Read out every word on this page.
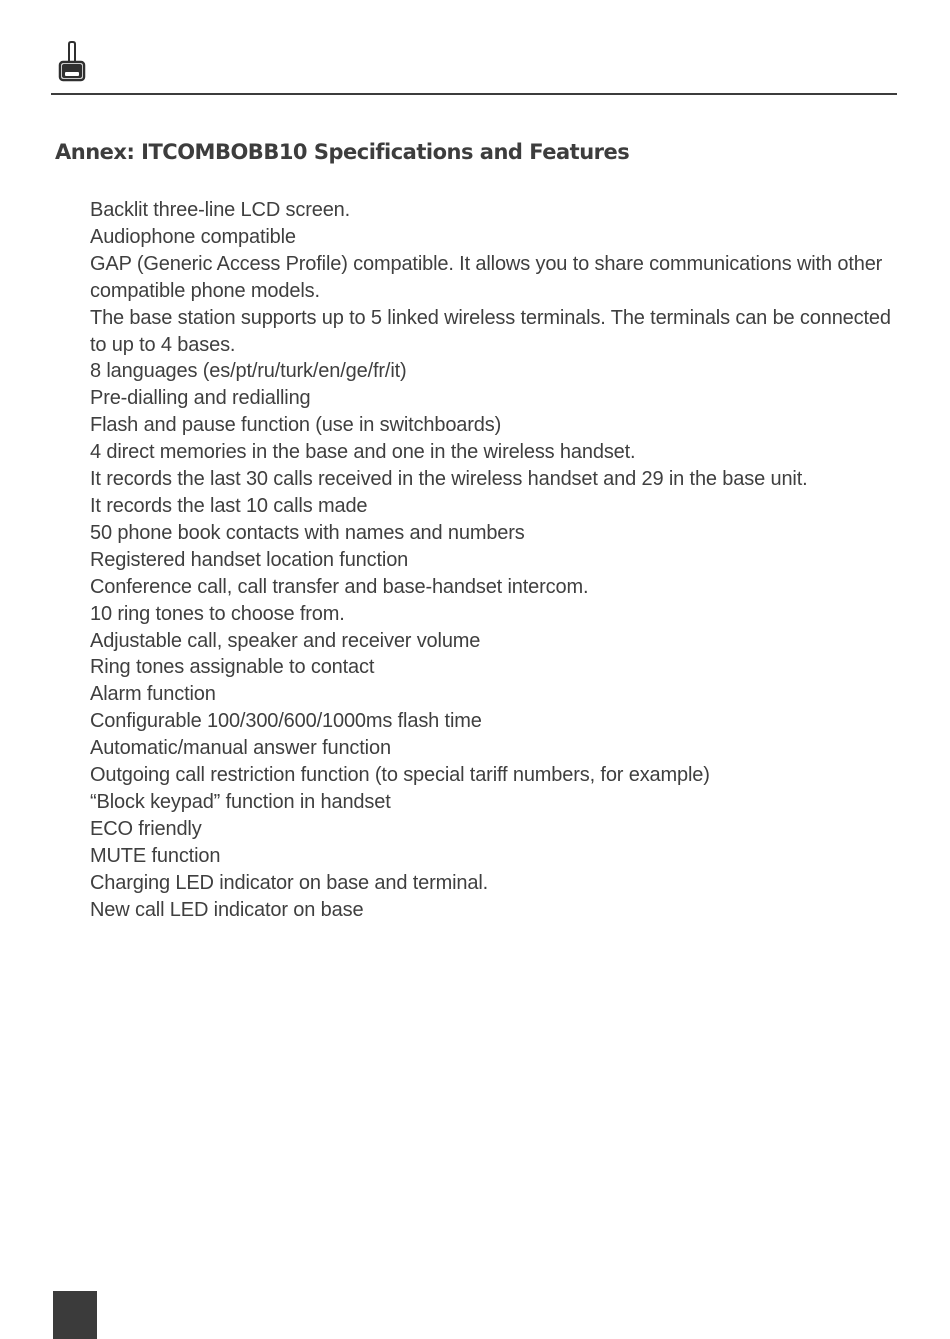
Annex: ITCOMBOBB10 Specifications and Features
Backlit three-line LCD screen.
Audiophone compatible
GAP (Generic Access Profile) compatible. It allows you to share communications with other compatible phone models.
The base station supports up to 5 linked wireless terminals. The terminals can be connected to up to 4 bases.
8 languages (es/pt/ru/turk/en/ge/fr/it)
Pre-dialling and redialling
Flash and pause function (use in switchboards)
4 direct memories in the base and one in the wireless handset.
It records the last 30 calls received in the wireless handset and 29 in the base unit.
It records the last 10 calls made
50 phone book contacts with names and numbers
Registered handset location function
Conference call, call transfer and base-handset intercom.
10 ring tones to choose from.
Adjustable call, speaker and receiver volume
Ring tones assignable to contact
Alarm function
Configurable 100/300/600/1000ms flash time
Automatic/manual answer function
Outgoing call restriction function (to special tariff numbers, for example)
“Block keypad” function in handset
ECO friendly
MUTE function
Charging LED indicator on base and terminal.
New call LED indicator on base
